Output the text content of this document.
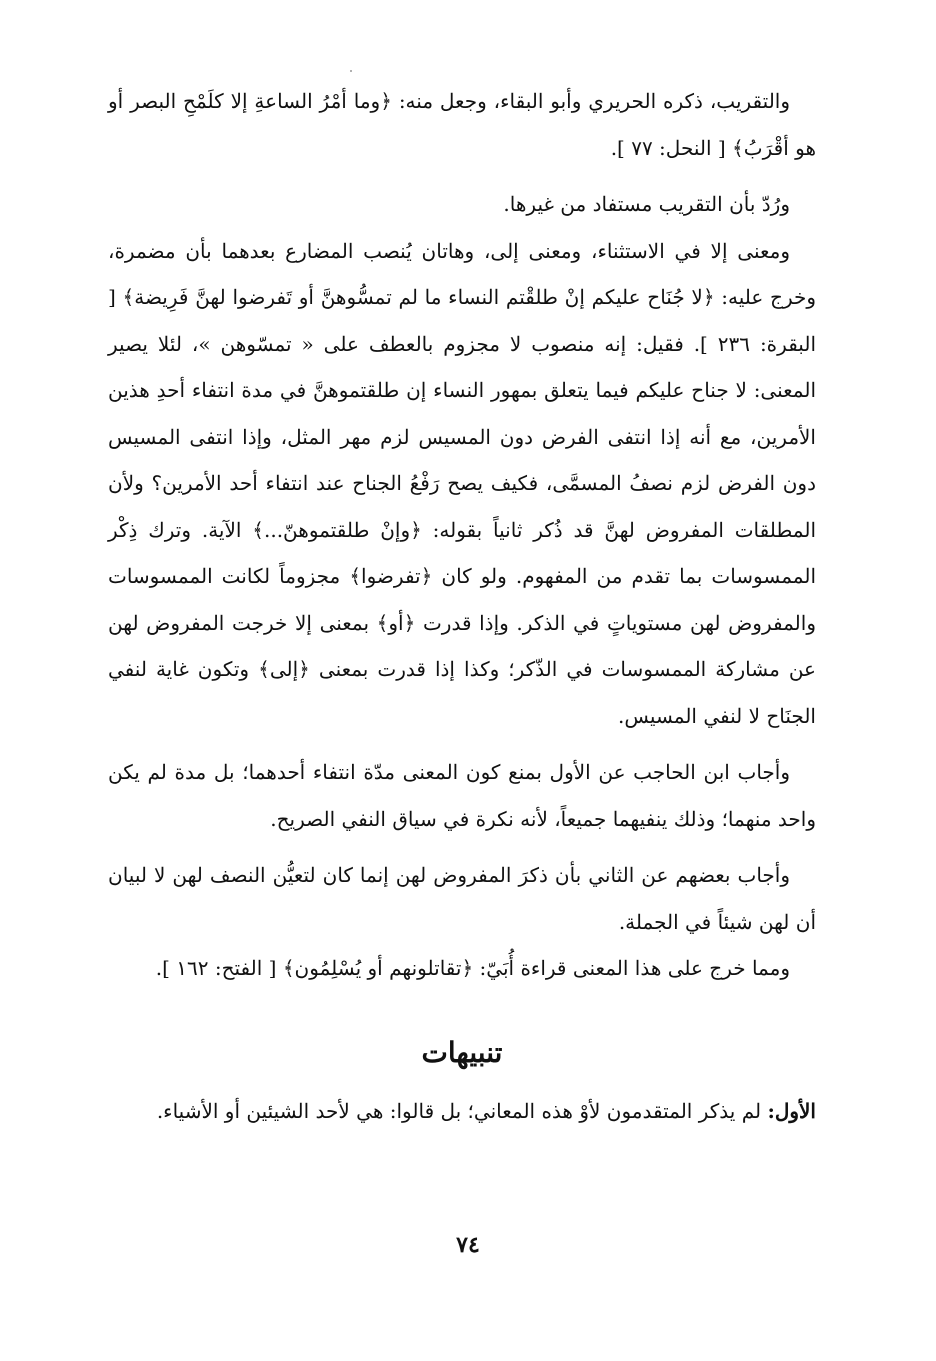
والتقريب، ذكره الحريري وأبو البقاء، وجعل منه: ﴿وما أمْرُ الساعةِ إلا كلَمْحِ البصر أو هو أقْرَبُ﴾ [ النحل: ٧٧ ].

ورُدّ بأن التقريب مستفاد من غيرها.

ومعنى إلا في الاستثناء، ومعنى إلى، وهاتان يُنصب المضارع بعدهما بأن مضمرة، وخرج عليه: ﴿لا جُنَاح عليكم إنْ طلقْتم النساء ما لم تمسُّوهنَّ أو تَفرضوا لهنَّ فَرِيضة﴾ [ البقرة: ٢٣٦ ]. فقيل: إنه منصوب لا مجزوم بالعطف على « تمسّوهن »، لئلا يصير المعنى: لا جناح عليكم فيما يتعلق بمهور النساء إن طلقتموهنَّ في مدة انتفاء أحدِ هذين الأمرين، مع أنه إذا انتفى الفرض دون المسيس لزم مهر المثل، وإذا انتفى المسيس دون الفرض لزم نصفُ المسمَّى، فكيف يصح رَفْعُ الجناح عند انتفاء أحد الأمرين؟ ولأن المطلقات المفروض لهنَّ قد ذُكر ثانياً بقوله: ﴿وإنْ طلقتموهنّ...﴾ الآية. وترك ذِكْر الممسوسات بما تقدم من المفهوم. ولو كان ﴿تفرضوا﴾ مجزوماً لكانت الممسوسات والمفروض لهن مستوياتٍ في الذكر. وإذا قدرت ﴿أو﴾ بمعنى إلا خرجت المفروض لهن عن مشاركة الممسوسات في الذّكر؛ وكذا إذا قدرت بمعنى ﴿إلى﴾ وتكون غاية لنفي الجنَاح لا لنفي المسيس.

وأجاب ابن الحاجب عن الأول بمنع كون المعنى مدّة انتفاء أحدهما؛ بل مدة لم يكن واحد منهما؛ وذلك ينفيهما جميعاً، لأنه نكرة في سياق النفي الصريح.

وأجاب بعضهم عن الثاني بأن ذكرَ المفروض لهن إنما كان لتعيُّن النصف لهن لا لبيان أن لهن شيئاً في الجملة.

ومما خرج على هذا المعنى قراءة أُبَيّ: ﴿تقاتلونهم أو يُسْلِمُون﴾ [ الفتح: ١٦٢ ].

تنبيهات

الأول: لم يذكر المتقدمون لأوْ هذه المعاني؛ بل قالوا: هي لأحد الشيئين أو الأشياء.

٧٤
